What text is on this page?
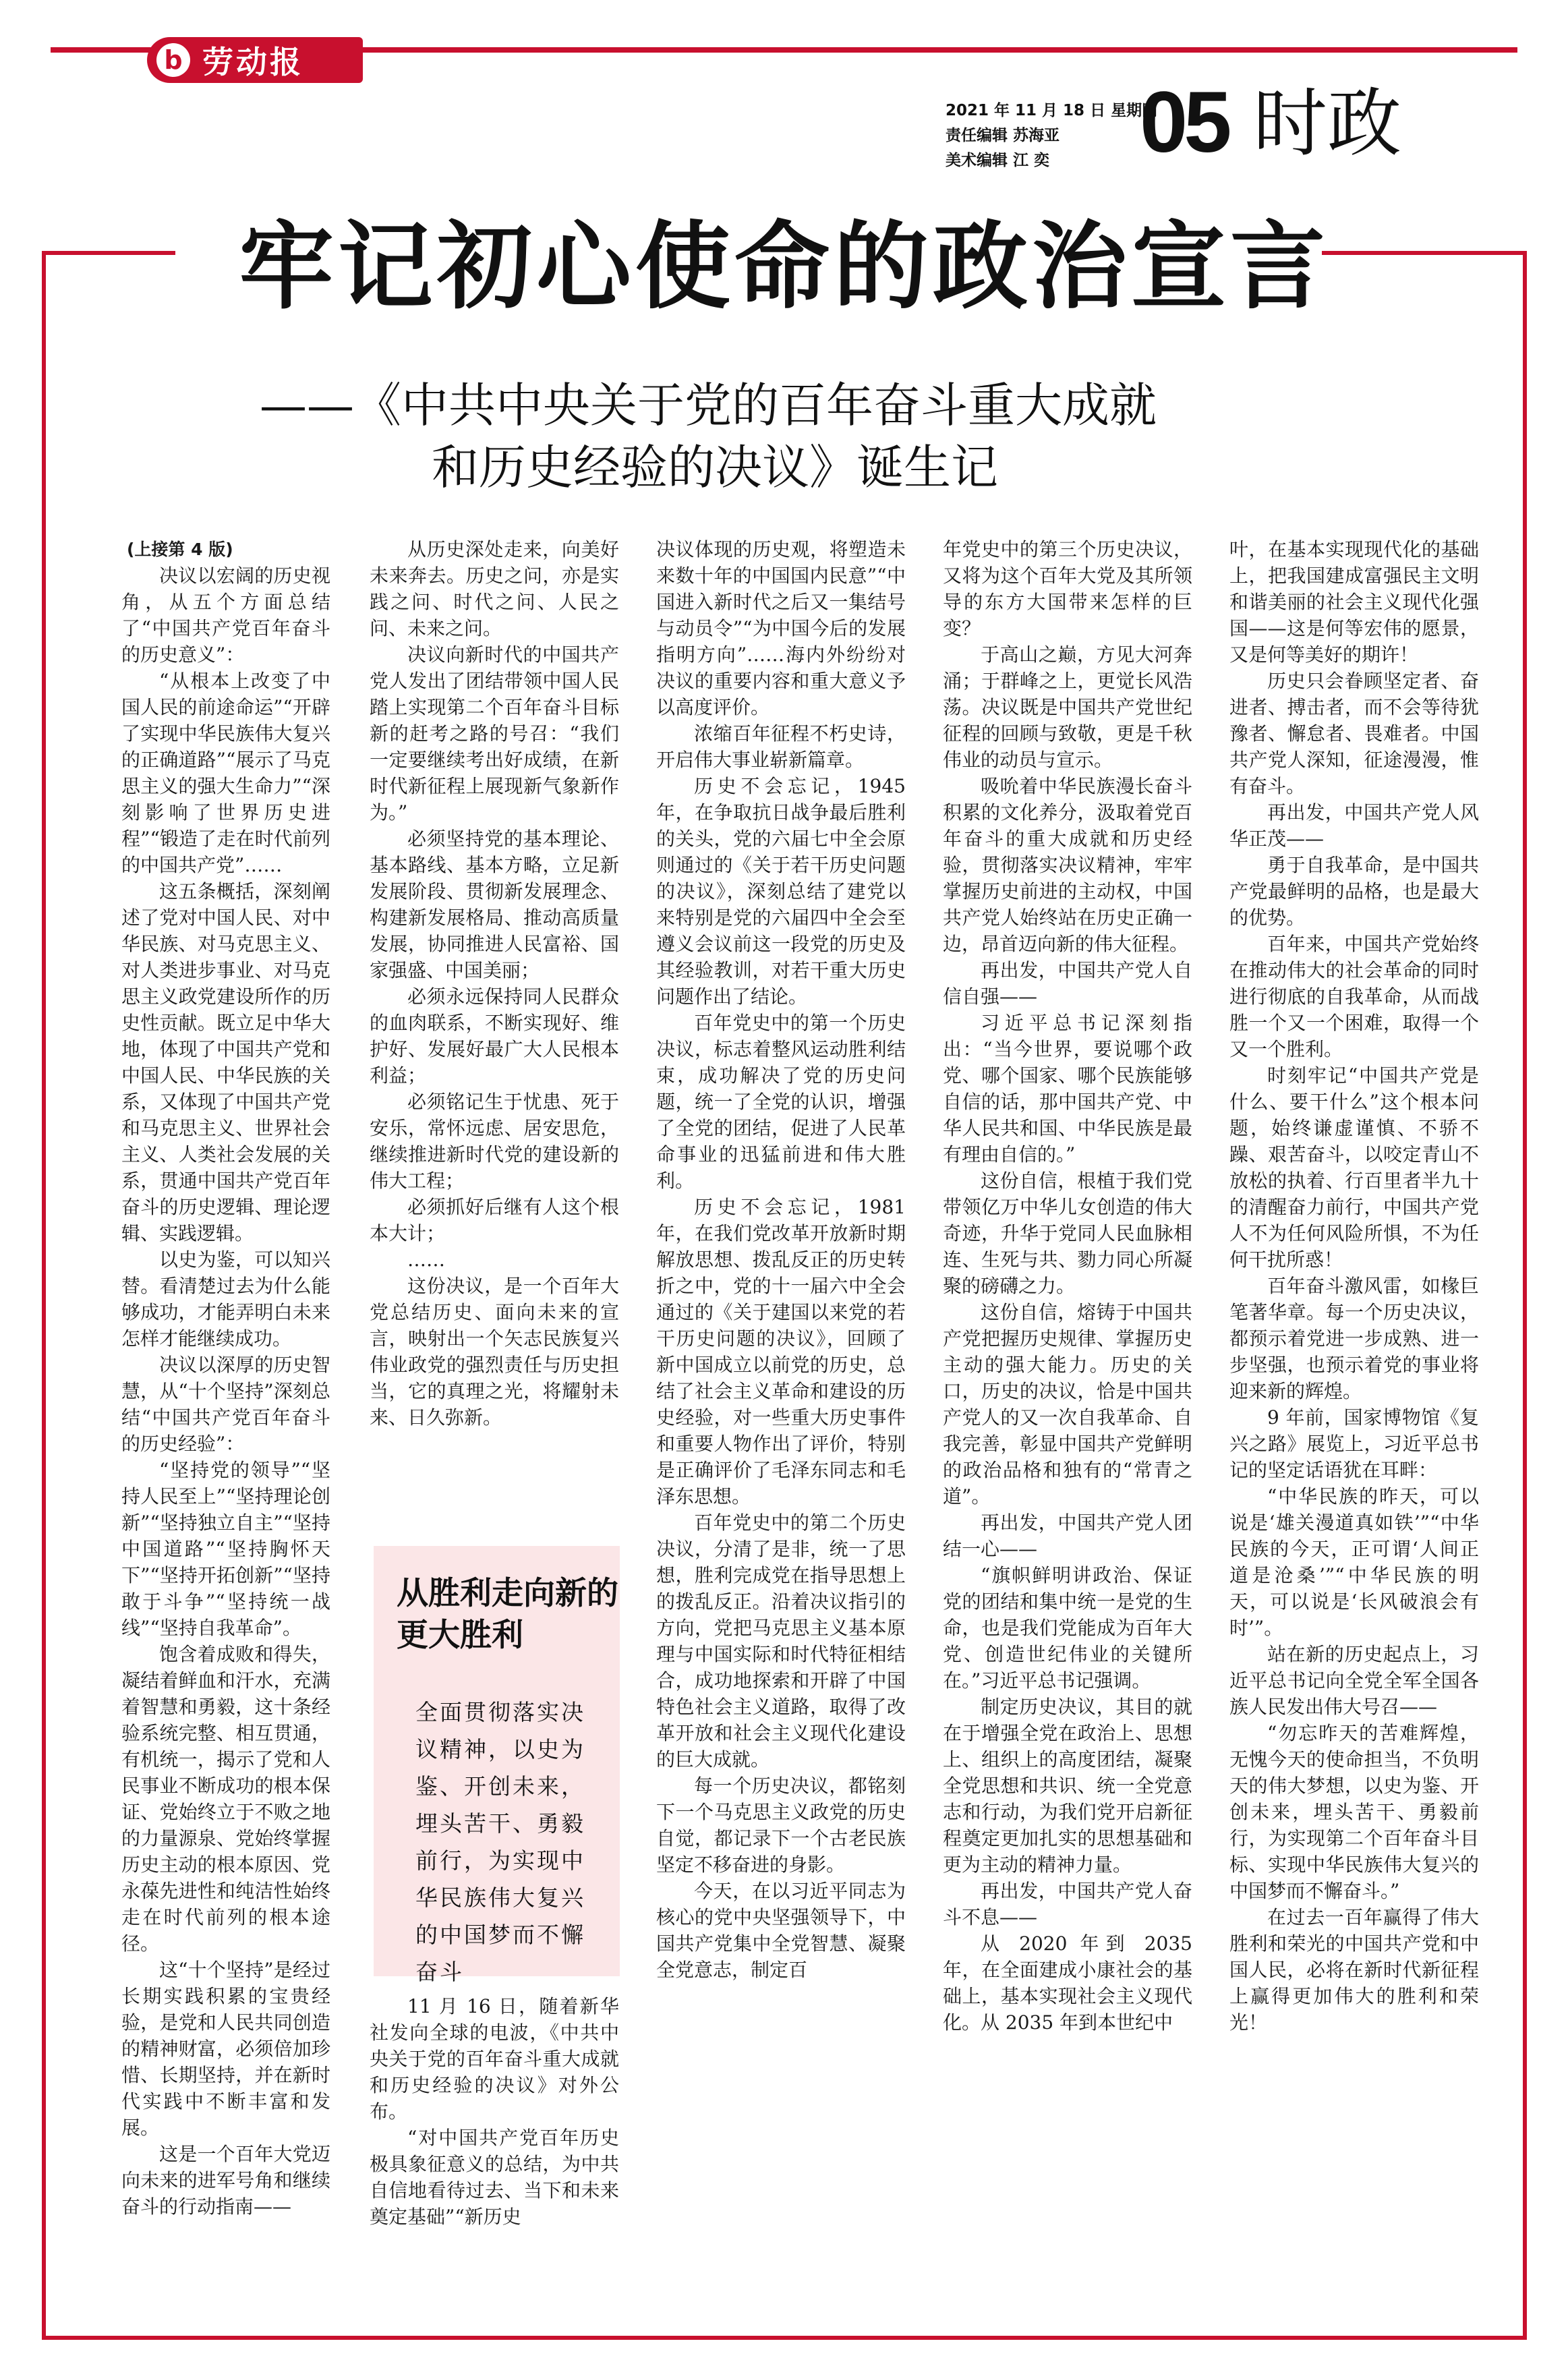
b 劳动报
2021 年 11 月 18 日 星期四
责任编辑 苏海亚
美术编辑 江 奕	05 时政
牢记初心使命的政治宣言
——《中共中央关于党的百年奋斗重大成就
和历史经验的决议》诞生记

(上接第 4 版)

决议以宏阔的历史视角，从五个方面总结了“中国共产党百年奋斗的历史意义”：

“从根本上改变了中国人民的前途命运”“开辟了实现中华民族伟大复兴的正确道路”“展示了马克思主义的强大生命力”“深刻影响了世界历史进程”“锻造了走在时代前列的中国共产党”……

这五条概括，深刻阐述了党对中国人民、对中华民族、对马克思主义、对人类进步事业、对马克思主义政党建设所作的历史性贡献。既立足中华大地，体现了中国共产党和中国人民、中华民族的关系，又体现了中国共产党和马克思主义、世界社会主义、人类社会发展的关系，贯通中国共产党百年奋斗的历史逻辑、理论逻辑、实践逻辑。

以史为鉴，可以知兴替。看清楚过去为什么能够成功，才能弄明白未来怎样才能继续成功。

决议以深厚的历史智慧，从“十个坚持”深刻总结“中国共产党百年奋斗的历史经验”：

“坚持党的领导”“坚持人民至上”“坚持理论创新”“坚持独立自主”“坚持中国道路”“坚持胸怀天下”“坚持开拓创新”“坚持敢于斗争”“坚持统一战线”“坚持自我革命”。

饱含着成败和得失，凝结着鲜血和汗水，充满着智慧和勇毅，这十条经验系统完整、相互贯通，有机统一，揭示了党和人民事业不断成功的根本保证、党始终立于不败之地的力量源泉、党始终掌握历史主动的根本原因、党永葆先进性和纯洁性始终走在时代前列的根本途径。

这“十个坚持”是经过长期实践积累的宝贵经验，是党和人民共同创造的精神财富，必须倍加珍惜、长期坚持，并在新时代实践中不断丰富和发展。

这是一个百年大党迈向未来的进军号角和继续奋斗的行动指南——

从历史深处走来，向美好未来奔去。历史之问，亦是实践之问、时代之问、人民之问、未来之问。

决议向新时代的中国共产党人发出了团结带领中国人民踏上实现第二个百年奋斗目标新的赶考之路的号召：“我们一定要继续考出好成绩，在新时代新征程上展现新气象新作为。”

必须坚持党的基本理论、基本路线、基本方略，立足新发展阶段、贯彻新发展理念、构建新发展格局、推动高质量发展，协同推进人民富裕、国家强盛、中国美丽；

必须永远保持同人民群众的血肉联系，不断实现好、维护好、发展好最广大人民根本利益；

必须铭记生于忧患、死于安乐，常怀远虑、居安思危，继续推进新时代党的建设新的伟大工程；

必须抓好后继有人这个根本大计；

……

这份决议，是一个百年大党总结历史、面向未来的宣言，映射出一个矢志民族复兴伟业政党的强烈责任与历史担当，它的真理之光，将耀射未来、日久弥新。

从胜利走向新的更大胜利
全面贯彻落实决议精神，以史为鉴、开创未来，埋头苦干、勇毅前行，为实现中华民族伟大复兴的中国梦而不懈奋斗

11 月 16 日，随着新华社发向全球的电波，《中共中央关于党的百年奋斗重大成就和历史经验的决议》对外公布。

“对中国共产党百年历史极具象征意义的总结，为中共自信地看待过去、当下和未来奠定基础”“新历史

决议体现的历史观，将塑造未来数十年的中国国内民意”“中国进入新时代之后又一集结号与动员令”“为中国今后的发展指明方向”……海内外纷纷对决议的重要内容和重大意义予以高度评价。

浓缩百年征程不朽史诗，开启伟大事业崭新篇章。

历史不会忘记，1945 年，在争取抗日战争最后胜利的关头，党的六届七中全会原则通过的《关于若干历史问题的决议》，深刻总结了建党以来特别是党的六届四中全会至遵义会议前这一段党的历史及其经验教训，对若干重大历史问题作出了结论。

百年党史中的第一个历史决议，标志着整风运动胜利结束，成功解决了党的历史问题，统一了全党的认识，增强了全党的团结，促进了人民革命事业的迅猛前进和伟大胜利。

历史不会忘记，1981 年，在我们党改革开放新时期解放思想、拨乱反正的历史转折之中，党的十一届六中全会通过的《关于建国以来党的若干历史问题的决议》，回顾了新中国成立以前党的历史，总结了社会主义革命和建设的历史经验，对一些重大历史事件和重要人物作出了评价，特别是正确评价了毛泽东同志和毛泽东思想。

百年党史中的第二个历史决议，分清了是非，统一了思想，胜利完成党在指导思想上的拨乱反正。沿着决议指引的方向，党把马克思主义基本原理与中国实际和时代特征相结合，成功地探索和开辟了中国特色社会主义道路，取得了改革开放和社会主义现代化建设的巨大成就。

每一个历史决议，都铭刻下一个马克思主义政党的历史自觉，都记录下一个古老民族坚定不移奋进的身影。

今天，在以习近平同志为核心的党中央坚强领导下，中国共产党集中全党智慧、凝聚全党意志，制定百

年党史中的第三个历史决议，又将为这个百年大党及其所领导的东方大国带来怎样的巨变？

于高山之巅，方见大河奔涌；于群峰之上，更觉长风浩荡。决议既是中国共产党世纪征程的回顾与致敬，更是千秋伟业的动员与宣示。

吸吮着中华民族漫长奋斗积累的文化养分，汲取着党百年奋斗的重大成就和历史经验，贯彻落实决议精神，牢牢掌握历史前进的主动权，中国共产党人始终站在历史正确一边，昂首迈向新的伟大征程。

再出发，中国共产党人自信自强——

习近平总书记深刻指出：“当今世界，要说哪个政党、哪个国家、哪个民族能够自信的话，那中国共产党、中华人民共和国、中华民族是最有理由自信的。”

这份自信，根植于我们党带领亿万中华儿女创造的伟大奇迹，升华于党同人民血脉相连、生死与共、勠力同心所凝聚的磅礴之力。

这份自信，熔铸于中国共产党把握历史规律、掌握历史主动的强大能力。历史的关口，历史的决议，恰是中国共产党人的又一次自我革命、自我完善，彰显中国共产党鲜明的政治品格和独有的“常青之道”。

再出发，中国共产党人团结一心——

“旗帜鲜明讲政治、保证党的团结和集中统一是党的生命，也是我们党能成为百年大党、创造世纪伟业的关键所在。”习近平总书记强调。

制定历史决议，其目的就在于增强全党在政治上、思想上、组织上的高度团结，凝聚全党思想和共识、统一全党意志和行动，为我们党开启新征程奠定更加扎实的思想基础和更为主动的精神力量。

再出发，中国共产党人奋斗不息——

从 2020 年到 2035 年，在全面建成小康社会的基础上，基本实现社会主义现代化。从 2035 年到本世纪中

叶，在基本实现现代化的基础上，把我国建成富强民主文明和谐美丽的社会主义现代化强国——这是何等宏伟的愿景，又是何等美好的期许！

历史只会眷顾坚定者、奋进者、搏击者，而不会等待犹豫者、懈怠者、畏难者。中国共产党人深知，征途漫漫，惟有奋斗。

再出发，中国共产党人风华正茂——

勇于自我革命，是中国共产党最鲜明的品格，也是最大的优势。

百年来，中国共产党始终在推动伟大的社会革命的同时进行彻底的自我革命，从而战胜一个又一个困难，取得一个又一个胜利。

时刻牢记“中国共产党是什么、要干什么”这个根本问题，始终谦虚谨慎、不骄不躁、艰苦奋斗，以咬定青山不放松的执着、行百里者半九十的清醒奋力前行，中国共产党人不为任何风险所惧，不为任何干扰所惑！

百年奋斗激风雷，如椽巨笔著华章。每一个历史决议，都预示着党进一步成熟、进一步坚强，也预示着党的事业将迎来新的辉煌。

9 年前，国家博物馆《复兴之路》展览上，习近平总书记的坚定话语犹在耳畔：

“中华民族的昨天，可以说是‘雄关漫道真如铁’”“中华民族的今天，正可谓‘人间正道是沧桑’”“中华民族的明天，可以说是‘长风破浪会有时’”。

站在新的历史起点上，习近平总书记向全党全军全国各族人民发出伟大号召——

“勿忘昨天的苦难辉煌，无愧今天的使命担当，不负明天的伟大梦想，以史为鉴、开创未来，埋头苦干、勇毅前行，为实现第二个百年奋斗目标、实现中华民族伟大复兴的中国梦而不懈奋斗。”

在过去一百年赢得了伟大胜利和荣光的中国共产党和中国人民，必将在新时代新征程上赢得更加伟大的胜利和荣光！
